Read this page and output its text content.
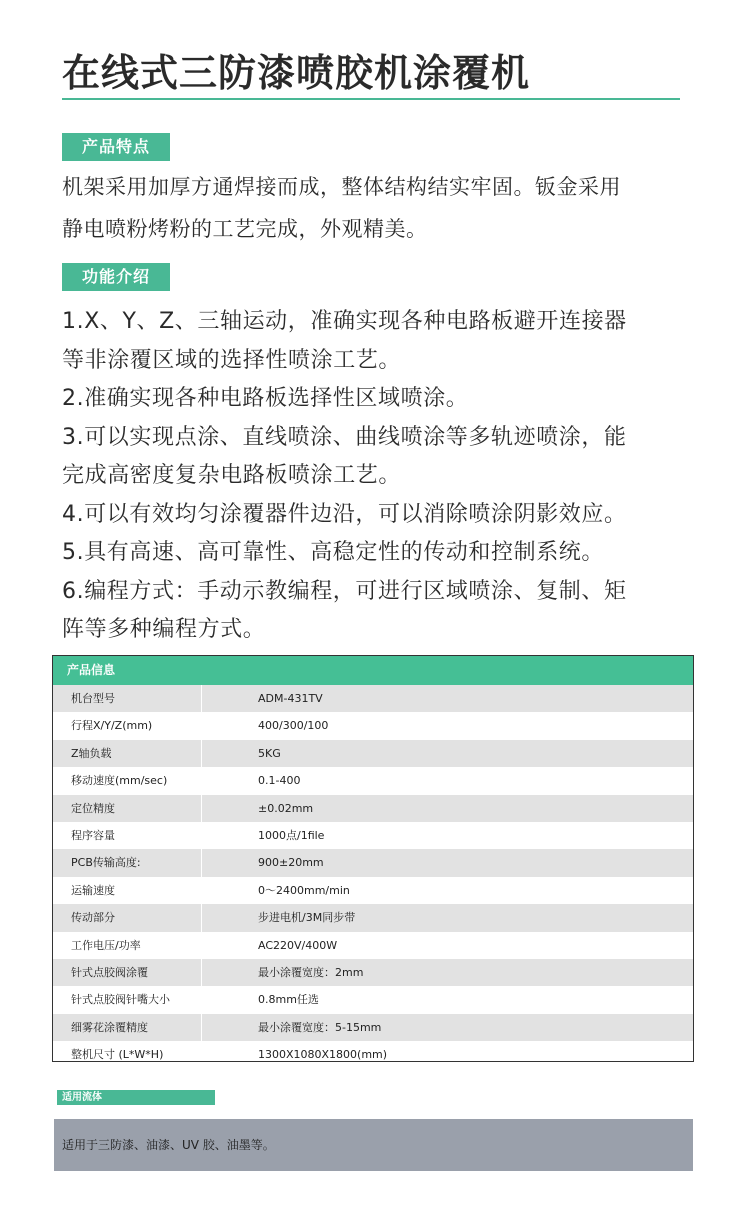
在线式三防漆喷胶机涂覆机
产品特点
机架采用加厚方通焊接而成，整体结构结实牢固。钣金采用
静电喷粉烤粉的工艺完成，外观精美。
功能介绍
1.X、Y、Z、三轴运动，准确实现各种电路板避开连接器
等非涂覆区域的选择性喷涂工艺。
2.准确实现各种电路板选择性区域喷涂。
3.可以实现点涂、直线喷涂、曲线喷涂等多轨迹喷涂，能
完成高密度复杂电路板喷涂工艺。
4.可以有效均匀涂覆器件边沿，可以消除喷涂阴影效应。
5.具有高速、高可靠性、高稳定性的传动和控制系统。
6.编程方式：手动示教编程，可进行区域喷涂、复制、矩
阵等多种编程方式。
产品信息
机台型号	ADM-431TV
行程X/Y/Z(mm)	400/300/100
Z轴负载	5KG
移动速度(mm/sec)	0.1-400
定位精度	±0.02mm
程序容量	1000点/1file
PCB传输高度:	900±20mm
运输速度	0～2400mm/min
传动部分	步进电机/3M同步带
工作电压/功率	AC220V/400W
针式点胶阀涂覆	最小涂覆宽度：2mm
针式点胶阀针嘴大小	0.8mm任选
细雾花涂覆精度	最小涂覆宽度：5-15mm
整机尺寸 (L*W*H)	1300X1080X1800(mm)
适用流体
适用于三防漆、油漆、UV 胶、油墨等。
